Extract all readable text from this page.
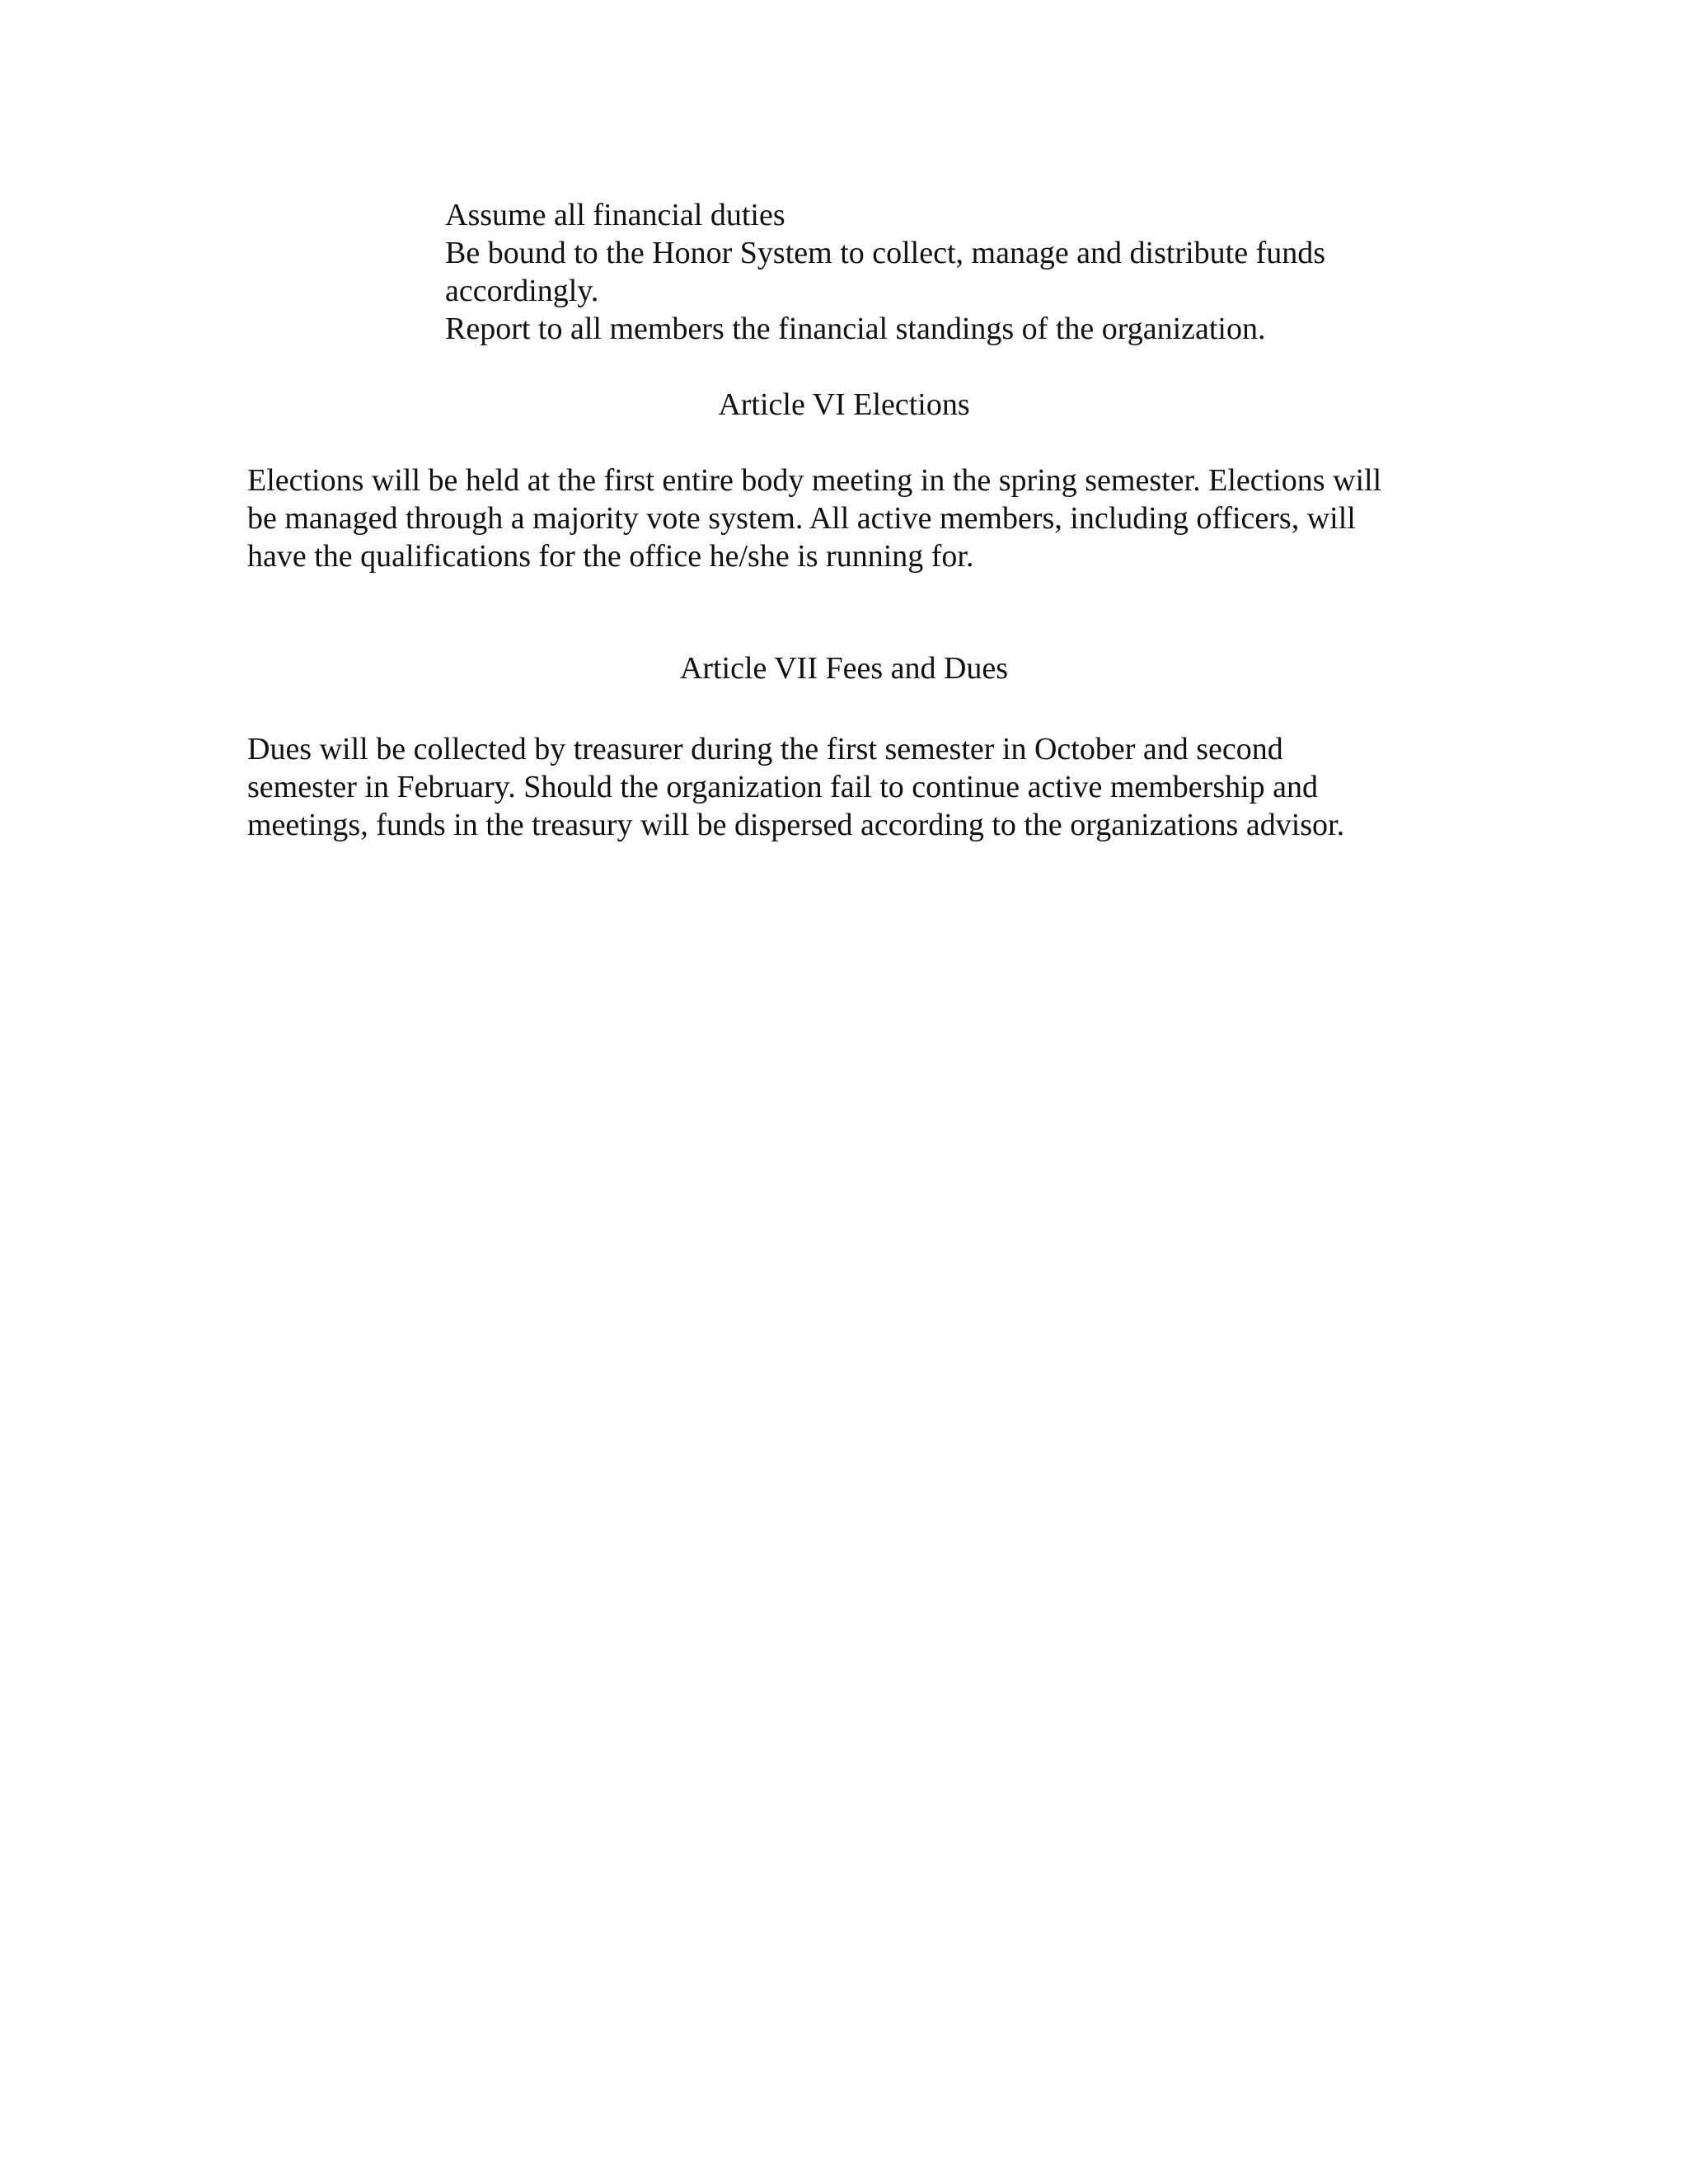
Assume all financial duties

Be bound to the Honor System to collect, manage and distribute funds

accordingly.

Report to all members the financial standings of the organization.

Article VI Elections

Elections will be held at the first entire body meeting in the spring semester. Elections will

be managed through a majority vote system. All active members, including officers, will

have the qualifications for the office he/she is running for.

Article VII Fees and Dues

Dues will be collected by treasurer during the first semester in October and second

semester in February. Should the organization fail to continue active membership and

meetings, funds in the treasury will be dispersed according to the organizations advisor.
